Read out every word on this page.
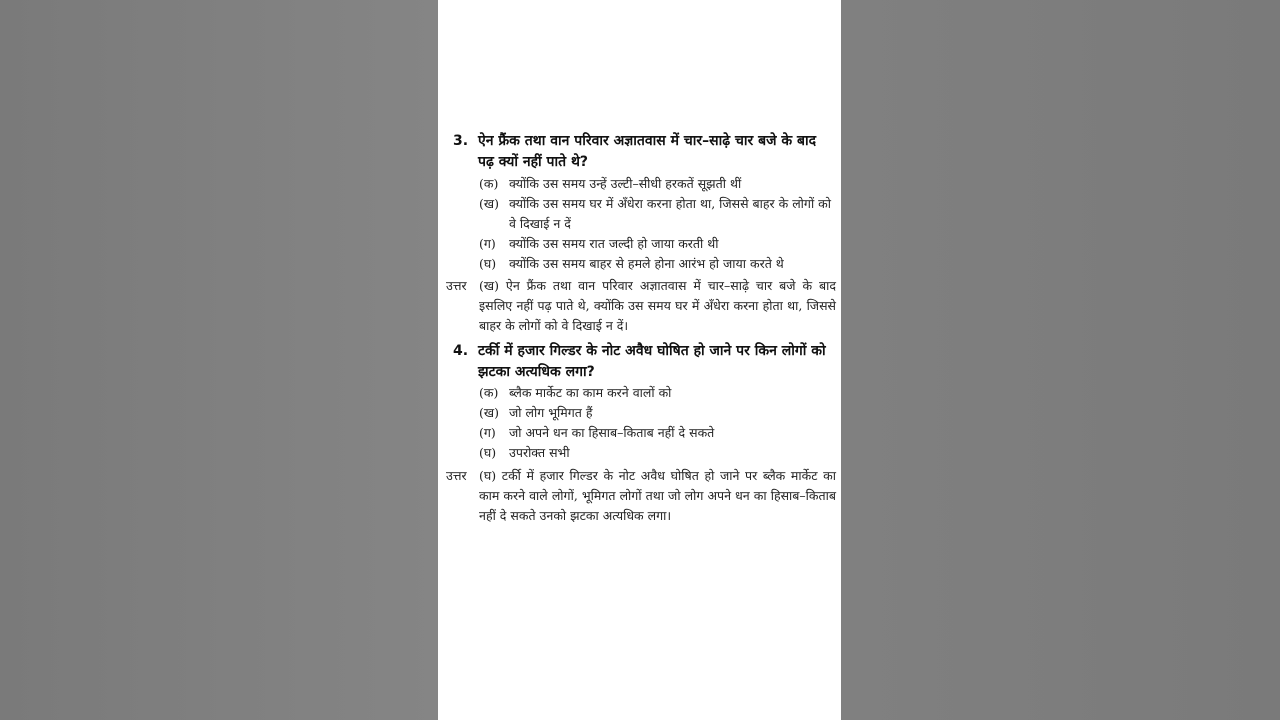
3. ऐन फ्रैंक तथा वान परिवार अज्ञातवास में चार–साढ़े चार बजे के बाद पढ़ क्यों नहीं पाते थे?
(क) क्योंकि उस समय उन्हें उल्टी–सीधी हरकतें सूझती थीं
(ख) क्योंकि उस समय घर में अँधेरा करना होता था, जिससे बाहर के लोगों को वे दिखाई न दें
(ग) क्योंकि उस समय रात जल्दी हो जाया करती थी
(घ) क्योंकि उस समय बाहर से हमले होना आरंभ हो जाया करते थे
उत्तर (ख) ऐन फ्रैंक तथा वान परिवार अज्ञातवास में चार–साढ़े चार बजे के बाद इसलिए नहीं पढ़ पाते थे, क्योंकि उस समय घर में अँधेरा करना होता था, जिससे बाहर के लोगों को वे दिखाई न दें।
4. टर्की में हजार गिल्डर के नोट अवैध घोषित हो जाने पर किन लोगों को झटका अत्यधिक लगा?
(क) ब्लैक मार्केट का काम करने वालों को
(ख) जो लोग भूमिगत हैं
(ग) जो अपने धन का हिसाब–किताब नहीं दे सकते
(घ) उपरोक्त सभी
उत्तर (घ) टर्की में हजार गिल्डर के नोट अवैध घोषित हो जाने पर ब्लैक मार्केट का काम करने वाले लोगों, भूमिगत लोगों तथा जो लोग अपने धन का हिसाब–किताब नहीं दे सकते उनको झटका अत्यधिक लगा।
